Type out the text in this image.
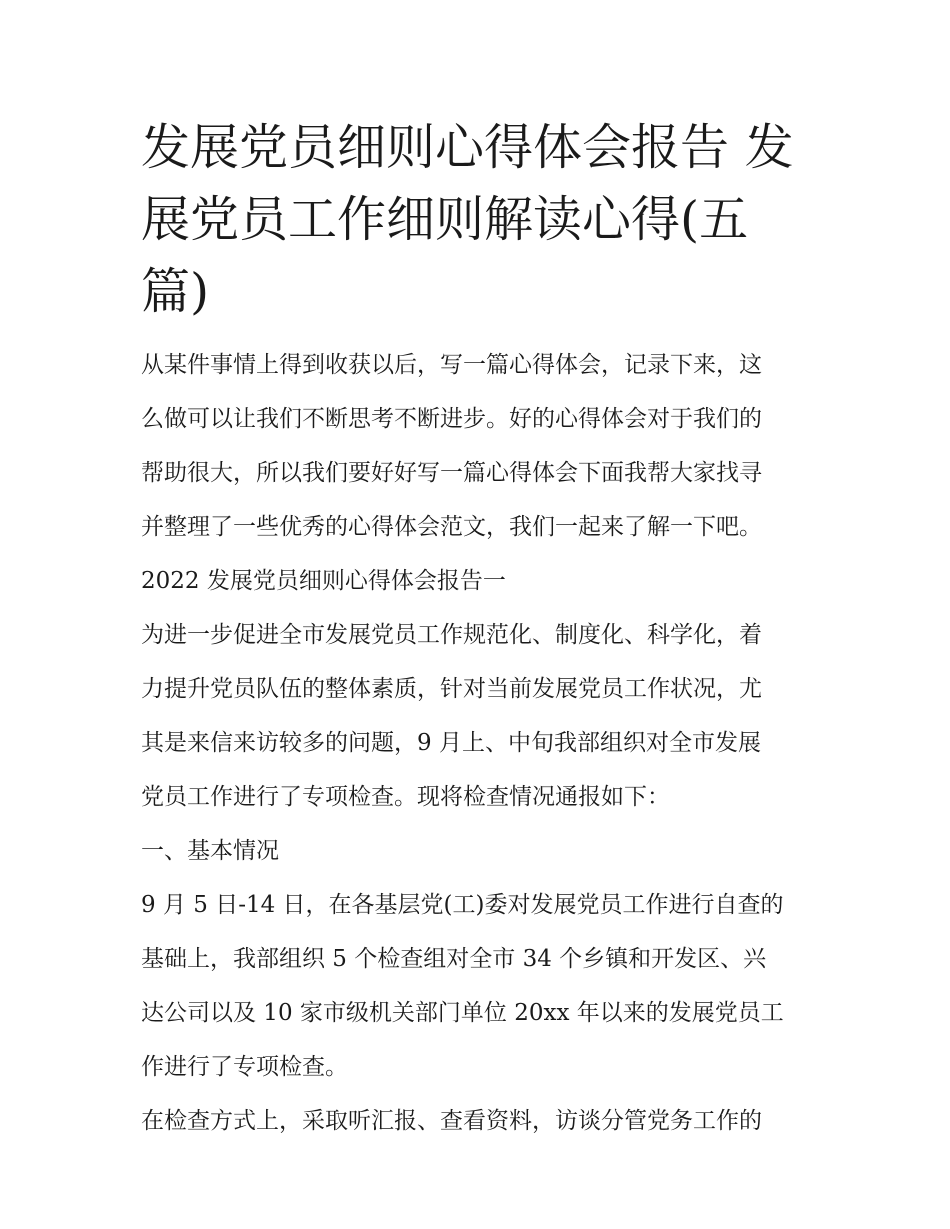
发展党员细则心得体会报告 发
展党员工作细则解读心得(五
篇)

从某件事情上得到收获以后，写一篇心得体会，记录下来，这

么做可以让我们不断思考不断进步。好的心得体会对于我们的

帮助很大，所以我们要好好写一篇心得体会下面我帮大家找寻

并整理了一些优秀的心得体会范文，我们一起来了解一下吧。

2022 发展党员细则心得体会报告一

为进一步促进全市发展党员工作规范化、制度化、科学化，着

力提升党员队伍的整体素质，针对当前发展党员工作状况，尤

其是来信来访较多的问题，9 月上、中旬我部组织对全市发展

党员工作进行了专项检查。现将检查情况通报如下：

一、基本情况

9 月 5 日-14 日，在各基层党(工)委对发展党员工作进行自查的

基础上，我部组织 5 个检查组对全市 34 个乡镇和开发区、兴

达公司以及 10 家市级机关部门单位 20xx 年以来的发展党员工

作进行了专项检查。

在检查方式上，采取听汇报、查看资料，访谈分管党务工作的
